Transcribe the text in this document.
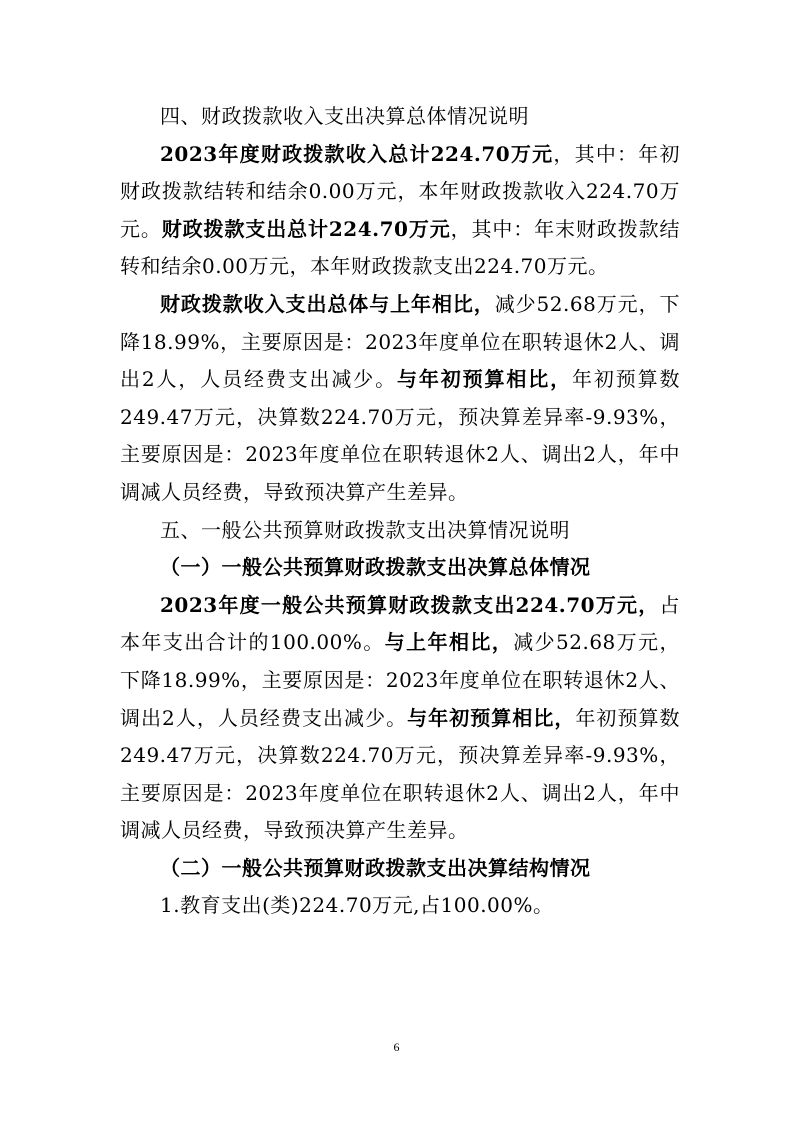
四、财政拨款收入支出决算总体情况说明

2023年度财政拨款收入总计224.70万元，其中：年初财政拨款结转和结余0.00万元，本年财政拨款收入224.70万元。财政拨款支出总计224.70万元，其中：年末财政拨款结转和结余0.00万元，本年财政拨款支出224.70万元。

财政拨款收入支出总体与上年相比，减少52.68万元，下降18.99%，主要原因是：2023年度单位在职转退休2人、调出2人，人员经费支出减少。与年初预算相比，年初预算数249.47万元，决算数224.70万元，预决算差异率-9.93%，主要原因是：2023年度单位在职转退休2人、调出2人，年中调减人员经费，导致预决算产生差异。

五、一般公共预算财政拨款支出决算情况说明

（一）一般公共预算财政拨款支出决算总体情况

2023年度一般公共预算财政拨款支出224.70万元，占本年支出合计的100.00%。与上年相比，减少52.68万元，下降18.99%，主要原因是：2023年度单位在职转退休2人、调出2人，人员经费支出减少。与年初预算相比，年初预算数249.47万元，决算数224.70万元，预决算差异率-9.93%，主要原因是：2023年度单位在职转退休2人、调出2人，年中调减人员经费，导致预决算产生差异。

（二）一般公共预算财政拨款支出决算结构情况

1.教育支出(类)224.70万元,占100.00%。

6
